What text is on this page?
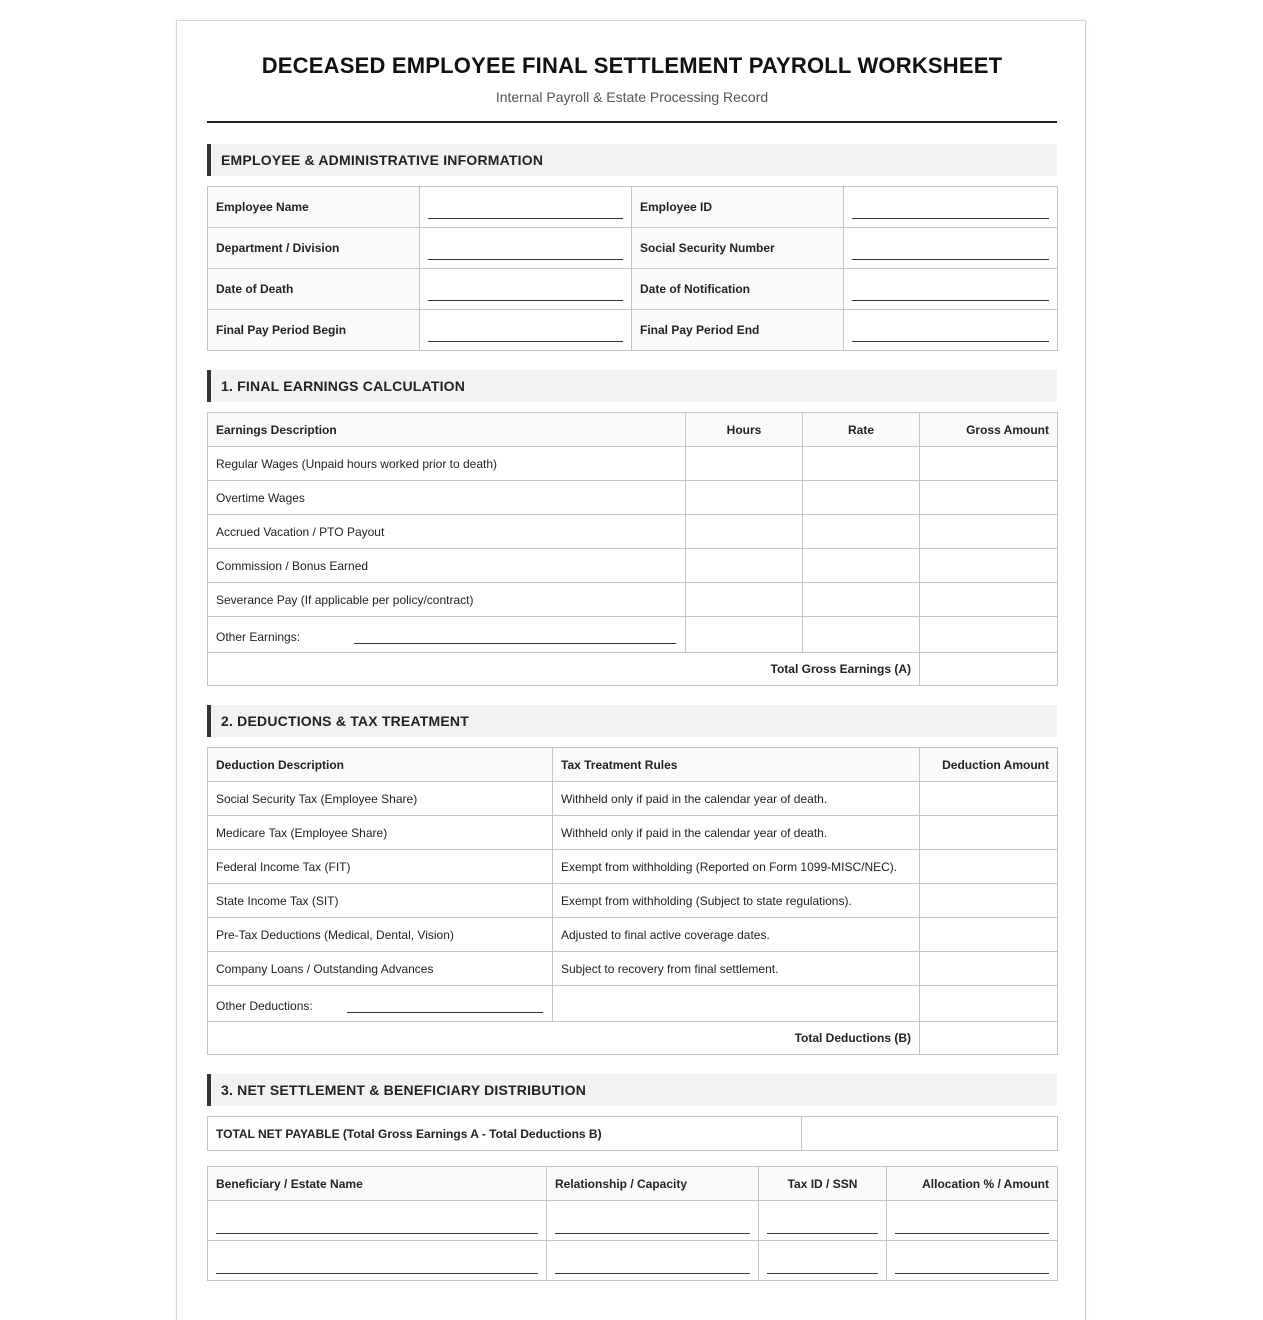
DECEASED EMPLOYEE FINAL SETTLEMENT PAYROLL WORKSHEET
Internal Payroll & Estate Processing Record
EMPLOYEE & ADMINISTRATIVE INFORMATION
Employee Name		Employee ID	

Department / Division		Social Security Number	

Date of Death		Date of Notification	

Final Pay Period Begin		Final Pay Period End	
1. FINAL EARNINGS CALCULATION
Earnings Description	Hours	Rate	Gross Amount
Regular Wages (Unpaid hours worked prior to death)			
Overtime Wages			
Accrued Vacation / PTO Payout			
Commission / Bonus Earned			
Severance Pay (If applicable per policy/contract)			
Other Earnings:			
Total Gross Earnings (A)			
2. DEDUCTIONS & TAX TREATMENT
Deduction Description	Tax Treatment Rules	Deduction Amount
Social Security Tax (Employee Share)	Withheld only if paid in the calendar year of death.	
Medicare Tax (Employee Share)	Withheld only if paid in the calendar year of death.	
Federal Income Tax (FIT)	Exempt from withholding (Reported on Form 1099-MISC/NEC).	
State Income Tax (SIT)	Exempt from withholding (Subject to state regulations).	
Pre-Tax Deductions (Medical, Dental, Vision)	Adjusted to final active coverage dates.	
Company Loans / Outstanding Advances	Subject to recovery from final settlement.	
Other Deductions:		
Total Deductions (B)		
3. NET SETTLEMENT & BENEFICIARY DISTRIBUTION
TOTAL NET PAYABLE (Total Gross Earnings A - Total Deductions B)	
Beneficiary / Estate Name	Relationship / Capacity	Tax ID / SSN	Allocation % / Amount
